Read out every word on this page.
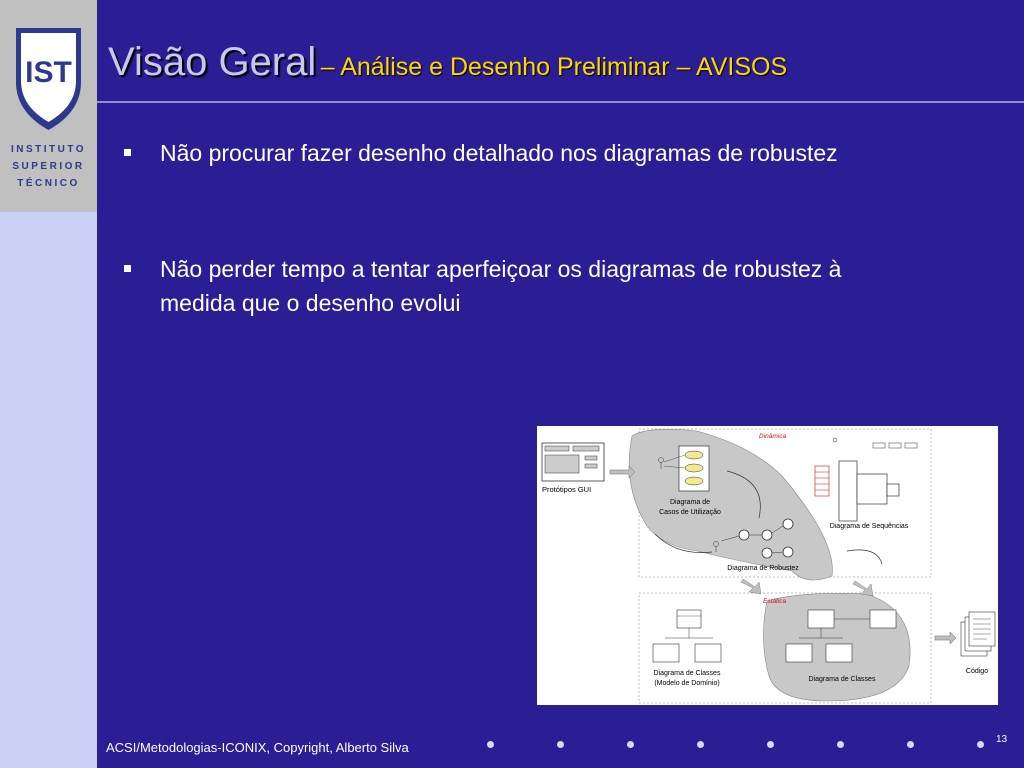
IST
INSTITUTO
SUPERIOR
TÉCNICO
Visão Geral – Análise e Desenho Preliminar – AVISOS
Não procurar fazer desenho detalhado nos diagramas de robustez
Não perder tempo a tentar aperfeiçoar os diagramas de robustez à medida que o desenho evolui
Protótipos GUI
Diagrama de
Casos de Utilização
Dinâmica
Diagrama de Robustez
Diagrama de Sequências
Estática
Diagrama de Classes
(Modelo de Domínio)
Diagrama de Classes
Código
ACSI/Metodologias-ICONIX, Copyright, Alberto Silva
13
